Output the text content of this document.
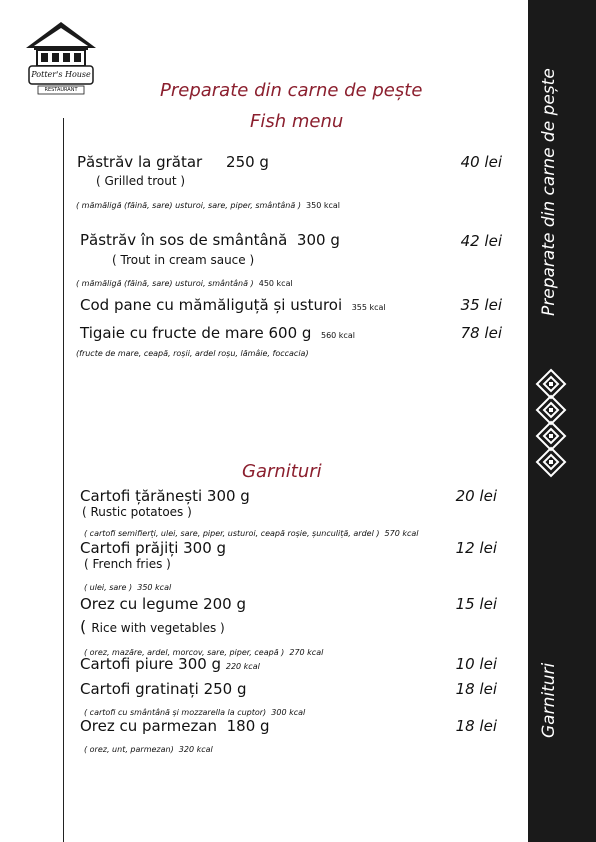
Potter's House
RESTAURANT	Preparate din carne de pește
Garnituri
Preparate din carne de pește
Fish menu
Păstrăv la grătar 250 g	40 lei
( Grilled trout )
( mămăligă (făină, sare) usturoi, sare, piper, smântână ) 350 kcal
Păstrăv în sos de smântână 300 g	42 lei
( Trout in cream sauce )
( mămăligă (făină, sare) usturoi, smântână ) 450 kcal
Cod pane cu mămăliguță și usturoi 355 kcal	35 lei
Tigaie cu fructe de mare 600 g 560 kcal	78 lei
(fructe de mare, ceapă, roșii, ardel roșu, lămâie, foccacia)
Garnituri
Cartofi țărănești 300 g	20 lei
( Rustic potatoes )
( cartofi semifierți, ulei, sare, piper, usturoi, ceapă roșie, șunculiță, ardel ) 570 kcal
Cartofi prăjiți 300 g	12 lei
( French fries )
( ulei, sare ) 350 kcal
Orez cu legume 200 g	15 lei
( Rice with vegetables )
( orez, mazăre, ardel, morcov, sare, piper, ceapă ) 270 kcal
Cartofi piure 300 g 220 kcal	10 lei
Cartofi gratinați 250 g	18 lei
( cartofi cu smântână și mozzarella la cuptor) 300 kcal
Orez cu parmezan 180 g	18 lei
( orez, unt, parmezan) 320 kcal
